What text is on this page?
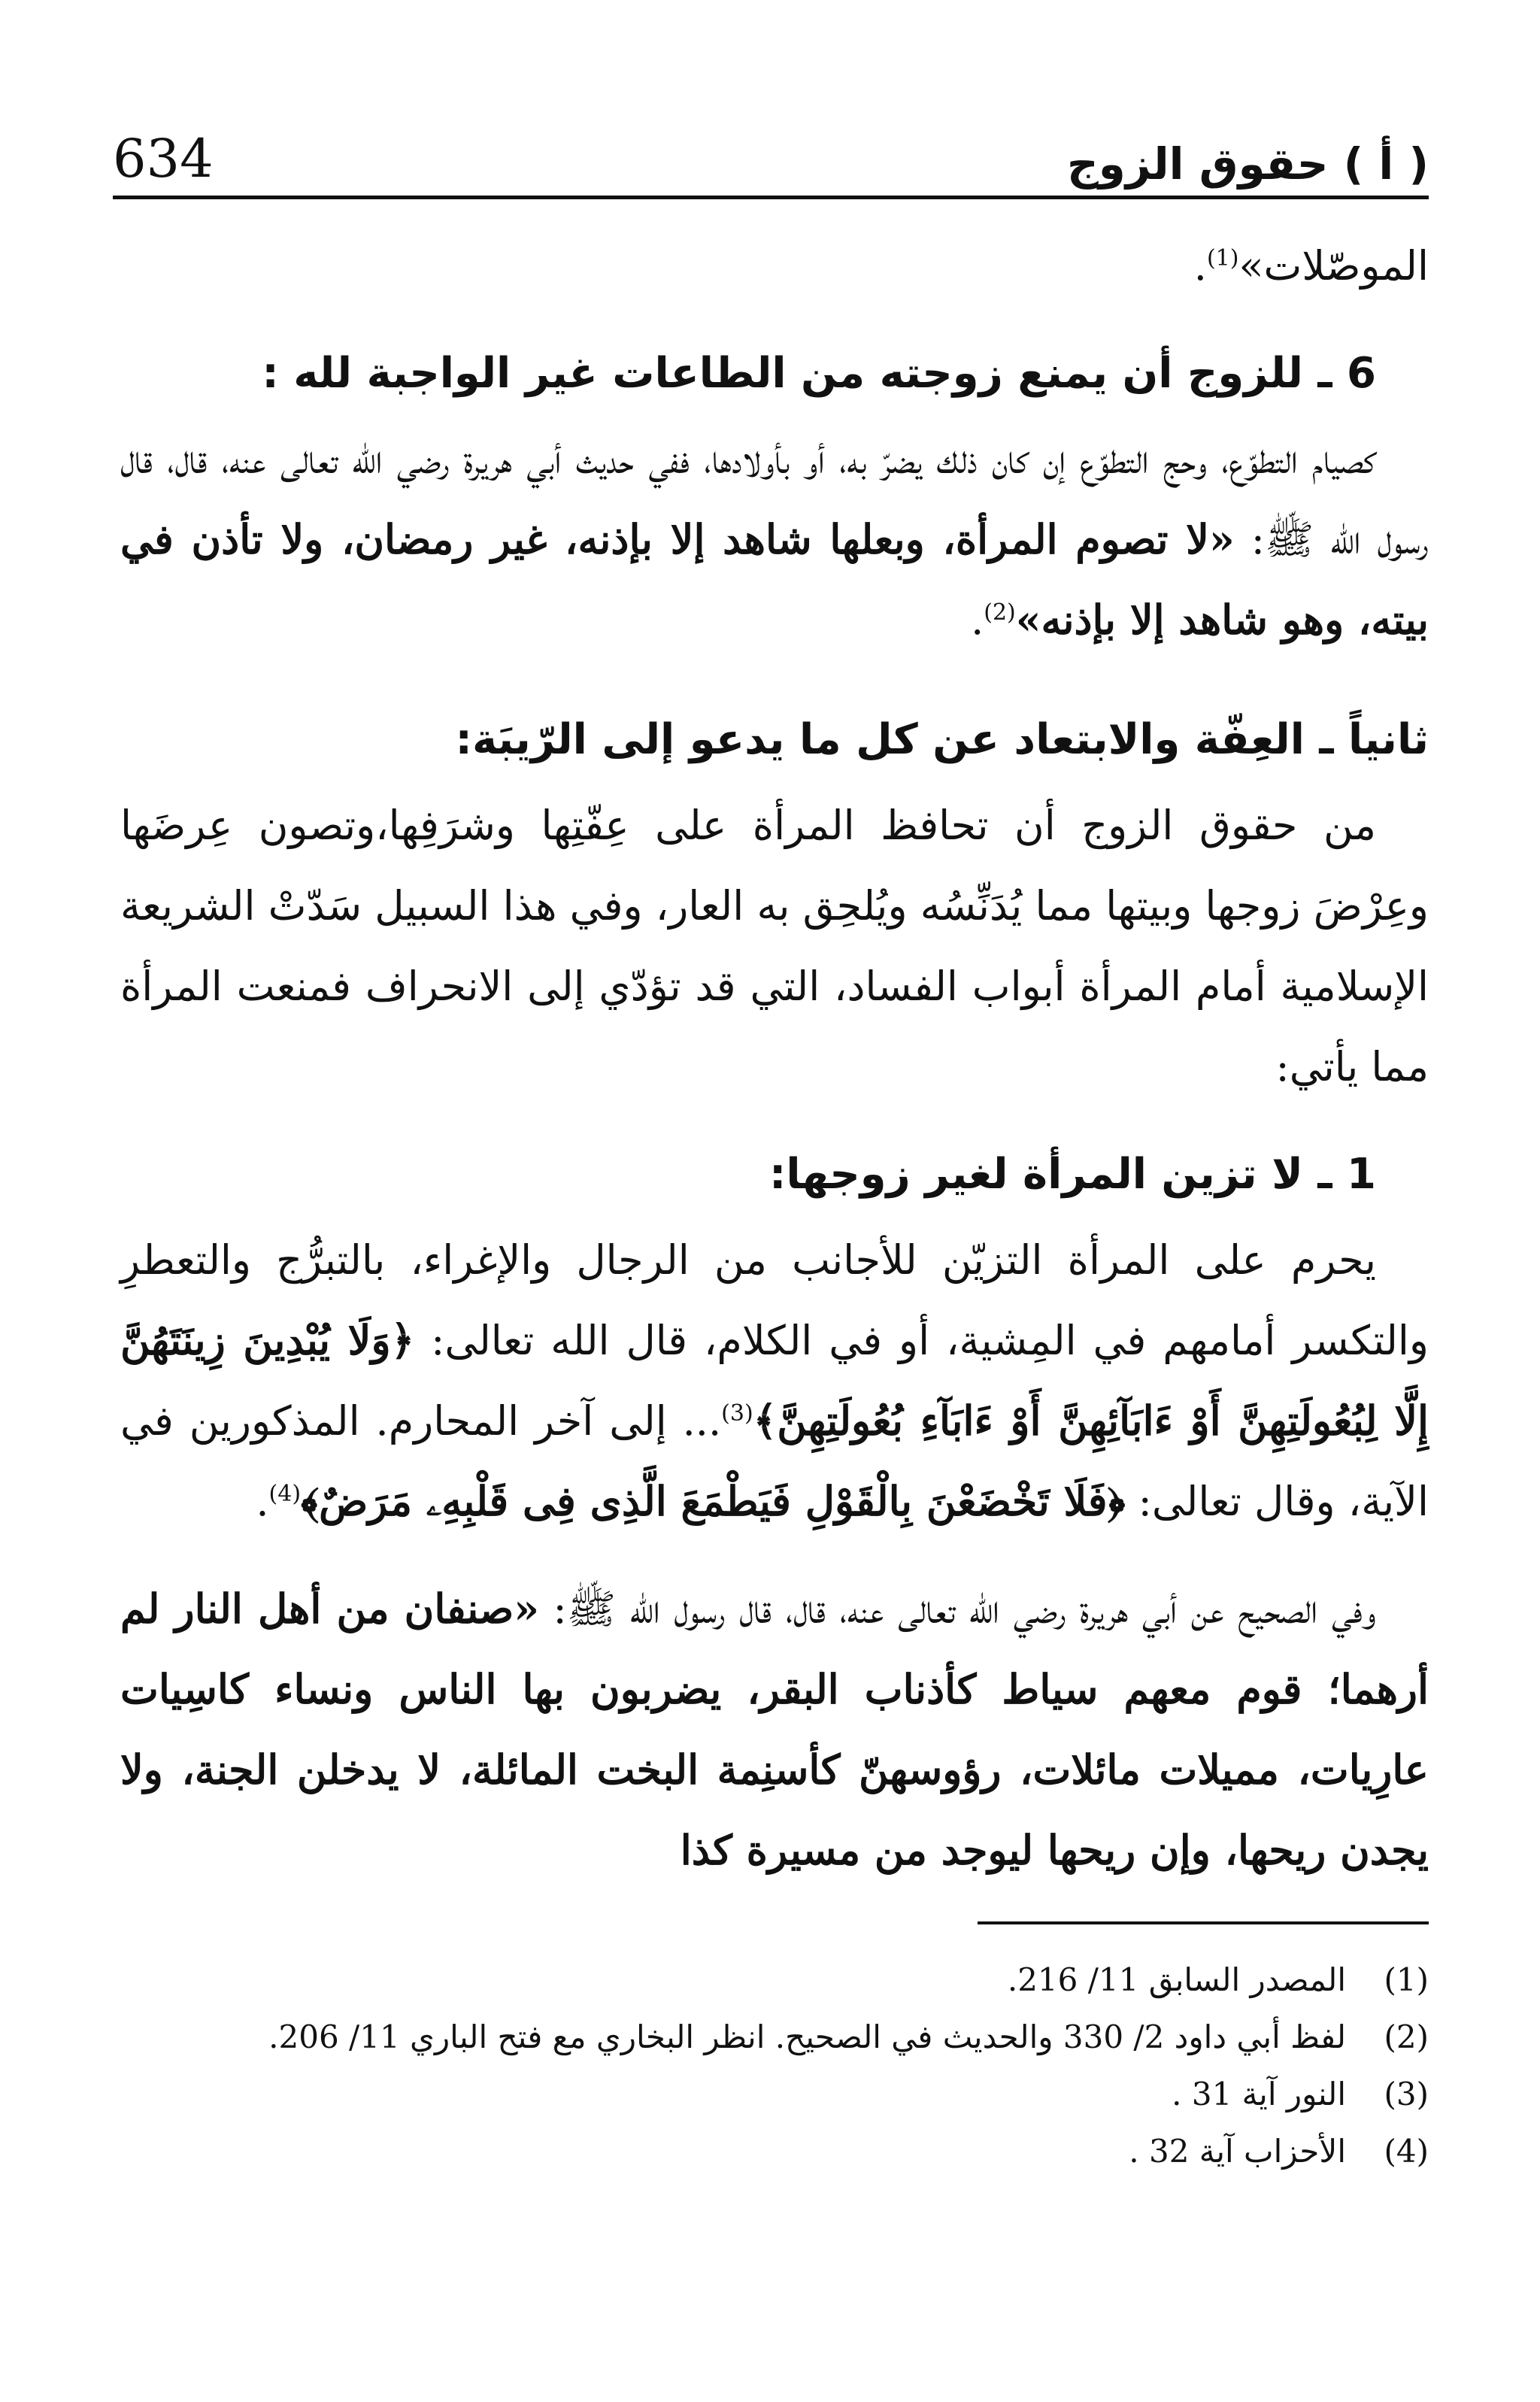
634	( أ ) حقوق الزوج

الموصّلات»$^{(1)}$.

6 ـ للزوج أن يمنع زوجته من الطاعات غير الواجبة لله :

كصيام التطوّع، وحج التطوّع إن كان ذلك يضرّ به، أو بأولادها، ففي حديث أبي هريرة رضي الله تعالى عنه، قال، قال رسول الله ﷺ: «لا تصوم المرأة، وبعلها شاهد إلا بإذنه، غير رمضان، ولا تأذن في بيته، وهو شاهد إلا بإذنه»$^{(2)}$.

ثانياً ـ العِفّة والابتعاد عن كل ما يدعو إلى الرّيبَة:

من حقوق الزوج أن تحافظ المرأة على عِفّتِها وشرَفِها،وتصون عِرضَها وعِرْضَ زوجها وبيتها مما يُدَنِّسُه ويُلحِق به العار، وفي هذا السبيل سَدّتْ الشريعة الإسلامية أمام المرأة أبواب الفساد، التي قد تؤدّي إلى الانحراف فمنعت المرأة مما يأتي:

1 ـ لا تزين المرأة لغير زوجها:

يحرم على المرأة التزيّن للأجانب من الرجال والإغراء، بالتبرُّج والتعطرِ والتكسر أمامهم في المِشية، أو في الكلام، قال الله تعالى: ﴿وَلَا يُبْدِينَ زِينَتَهُنَّ إِلَّا لِبُعُولَتِهِنَّ أَوْ ءَابَآئِهِنَّ أَوْ ءَابَآءِ بُعُولَتِهِنَّ﴾$^{(3)}$... إلى آخر المحارم. المذكورين في الآية، وقال تعالى: ﴿فَلَا تَخْضَعْنَ بِالْقَوْلِ فَيَطْمَعَ الَّذِى فِى قَلْبِهِۦ مَرَضٌ﴾$^{(4)}$.

وفي الصحيح عن أبي هريرة رضي الله تعالى عنه، قال، قال رسول الله ﷺ: «صنفان من أهل النار لم أرهما؛ قوم معهم سياط كأذناب البقر، يضربون بها الناس ونساء كاسِيات عارِيات، مميلات مائلات، رؤوسهنّ كأسنِمة البخت المائلة، لا يدخلن الجنة، ولا يجدن ريحها، وإن ريحها ليوجد من مسيرة كذا

(1)
المصدر السابق 11/ 216.
(2)
لفظ أبي داود 2/ 330 والحديث في الصحيح. انظر البخاري مع فتح الباري 11/ 206.
(3)
النور آية 31 .
(4)
الأحزاب آية 32 .
